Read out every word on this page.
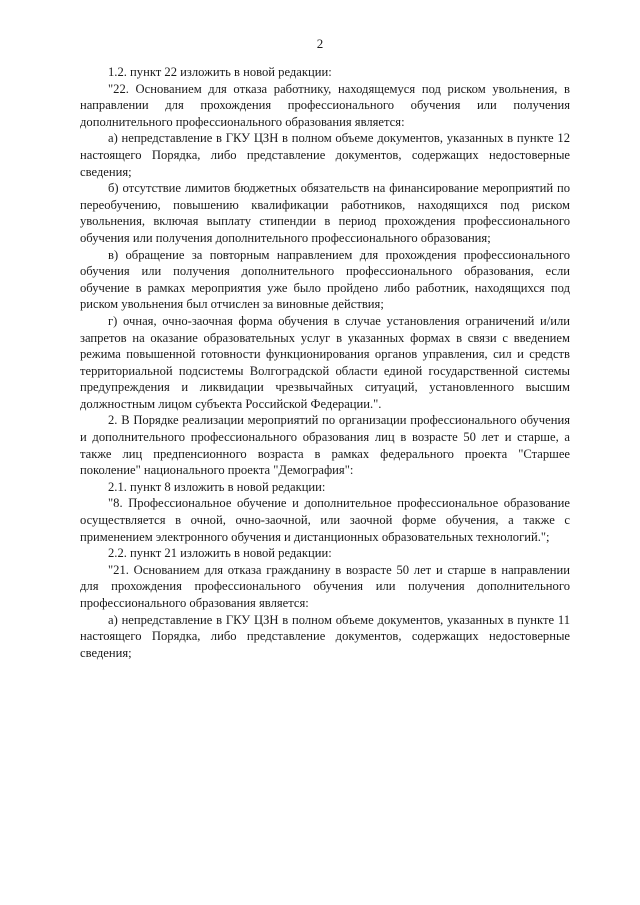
2

1.2. пункт 22 изложить в новой редакции:

"22. Основанием для отказа работнику, находящемуся под риском увольнения, в направлении для прохождения профессионального обучения или получения дополнительного профессионального образования является:

а) непредставление в ГКУ ЦЗН в полном объеме документов, указанных в пункте 12 настоящего Порядка, либо представление документов, содержащих недостоверные сведения;

б) отсутствие лимитов бюджетных обязательств на финансирование мероприятий по переобучению, повышению квалификации работников, находящихся под риском увольнения, включая выплату стипендии в период прохождения профессионального обучения или получения дополнительного профессионального образования;

в) обращение за повторным направлением для прохождения профессионального обучения или получения дополнительного профессионального образования, если обучение в рамках мероприятия уже было пройдено либо работник, находящихся под риском увольнения был отчислен за виновные действия;

г) очная, очно-заочная форма обучения в случае установления ограничений и/или запретов на оказание образовательных услуг в указанных формах в связи с введением режима повышенной готовности функционирования органов управления, сил и средств территориальной подсистемы Волгоградской области единой государственной системы предупреждения и ликвидации чрезвычайных ситуаций, установленного высшим должностным лицом субъекта Российской Федерации.".

2. В Порядке реализации мероприятий по организации профессионального обучения и дополнительного профессионального образования лиц в возрасте 50 лет и старше, а также лиц предпенсионного возраста в рамках федерального проекта "Старшее поколение" национального проекта "Демография":

2.1. пункт 8 изложить в новой редакции:

"8. Профессиональное обучение и дополнительное профессиональное образование осуществляется в очной, очно-заочной, или заочной форме обучения, а также с применением электронного обучения и дистанционных образовательных технологий.";

2.2. пункт 21 изложить в новой редакции:

"21. Основанием для отказа гражданину в возрасте 50 лет и старше в направлении для прохождения профессионального обучения или получения дополнительного профессионального образования является:

а) непредставление в ГКУ ЦЗН в полном объеме документов, указанных в пункте 11 настоящего Порядка, либо представление документов, содержащих недостоверные сведения;
